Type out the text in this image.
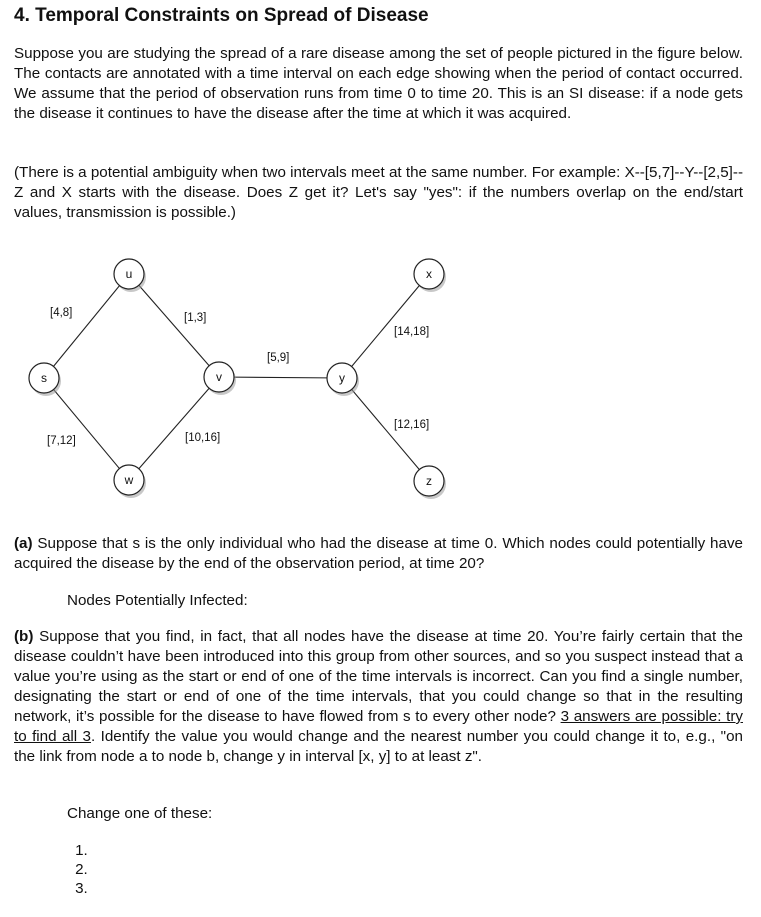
4. Temporal Constraints on Spread of Disease

Suppose you are studying the spread of a rare disease among the set of people pictured in the figure below. The contacts are annotated with a time interval on each edge showing when the period of contact occurred. We assume that the period of observation runs from time 0 to time 20. This is an SI disease: if a node gets the disease it continues to have the disease after the time at which it was acquired.

(There is a potential ambiguity when two intervals meet at the same number. For example: X--[5,7]--Y--[2,5]--Z and X starts with the disease. Does Z get it? Let's say "yes": if the numbers overlap on the end/start values, transmission is possible.)

[4,8]	[1,3]
[7,12]	[10,16]
[5,9]
[14,18]
[12,16]
u
s	v
w
y
x
z

(a) Suppose that s is the only individual who had the disease at time 0. Which nodes could potentially have acquired the disease by the end of the observation period, at time 20?

Nodes Potentially Infected:

(b) Suppose that you find, in fact, that all nodes have the disease at time 20. You’re fairly certain that the disease couldn’t have been introduced into this group from other sources, and so you suspect instead that a value you’re using as the start or end of one of the time intervals is incorrect. Can you find a single number, designating the start or end of one of the time intervals, that you could change so that in the resulting network, it’s possible for the disease to have flowed from s to every other node? 3 answers are possible: try to find all 3. Identify the value you would change and the nearest number you could change it to, e.g., "on the link from node a to node b, change y in interval [x, y] to at least z".

Change one of these:
